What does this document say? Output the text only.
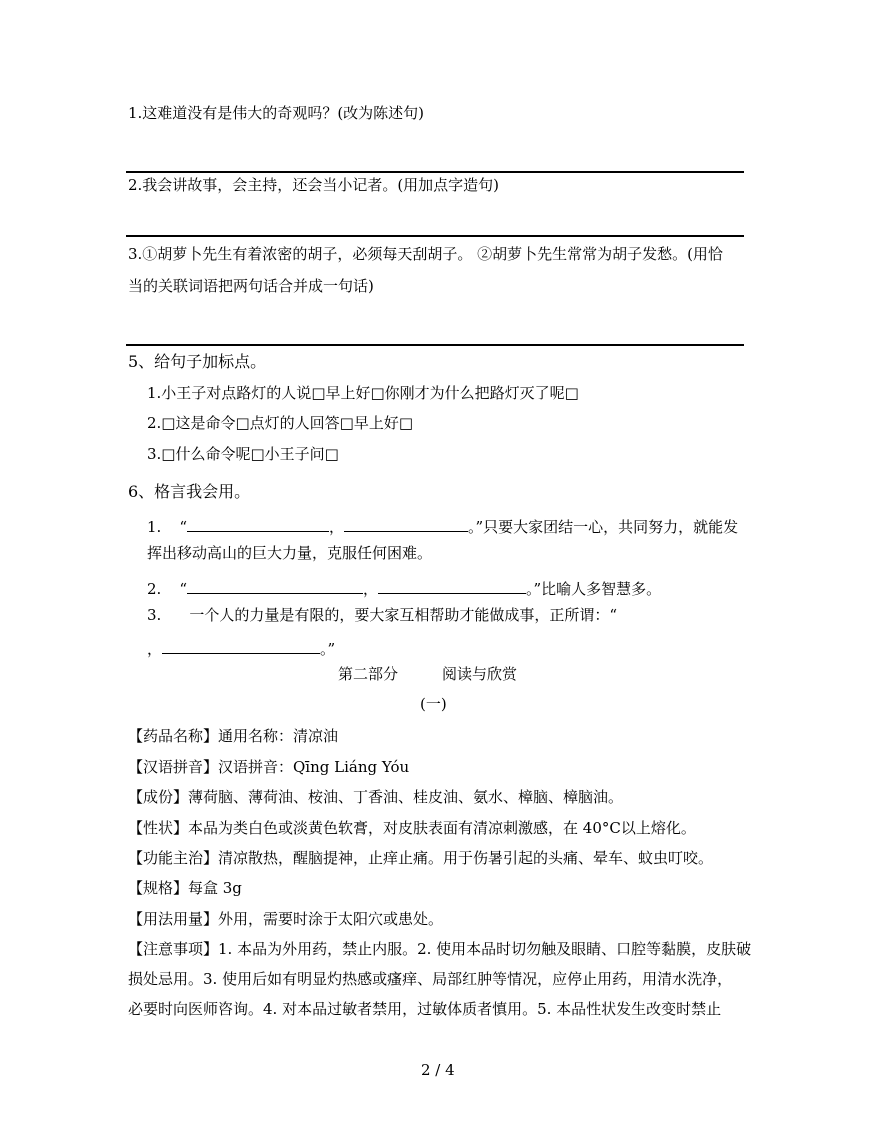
1.这难道没有是伟大的奇观吗？(改为陈述句)
2.我会讲故事，会主持，还会当小记者。(用加点字造句)
3.①胡萝卜先生有着浓密的胡子，必须每天刮胡子。 ②胡萝卜先生常常为胡子发愁。(用恰
当的关联词语把两句话合并成一句话)
5、给句子加标点。
1.小王子对点路灯的人说□早上好□你刚才为什么把路灯灭了呢□
2.□这是命令□点灯的人回答□早上好□
3.□什么命令呢□小王子问□
6、格言我会用。
1. “	，	。”只要大家团结一心，共同努力，就能发
挥出移动高山的巨大力量，克服任何困难。
2. “	，	。”比喻人多智慧多。
3. 一个人的力量是有限的，要大家互相帮助才能做成事，正所谓：“
，	。”
第二部分	阅读与欣赏
(一)
【药品名称】通用名称：清凉油
【汉语拼音】汉语拼音：Qīng Liáng Yóu
【成份】薄荷脑、薄荷油、桉油、丁香油、桂皮油、氨水、樟脑、樟脑油。
【性状】本品为类白色或淡黄色软膏，对皮肤表面有清凉刺激感，在 40°C以上熔化。
【功能主治】清凉散热，醒脑提神，止痒止痛。用于伤暑引起的头痛、晕车、蚊虫叮咬。
【规格】每盒 3g
【用法用量】外用，需要时涂于太阳穴或患处。
【注意事项】1. 本品为外用药，禁止内服。2. 使用本品时切勿触及眼睛、口腔等黏膜，皮肤破
损处忌用。3. 使用后如有明显灼热感或瘙痒、局部红肿等情况，应停止用药，用清水洗净，
必要时向医师咨询。4. 对本品过敏者禁用，过敏体质者慎用。5. 本品性状发生改变时禁止
2 / 4
